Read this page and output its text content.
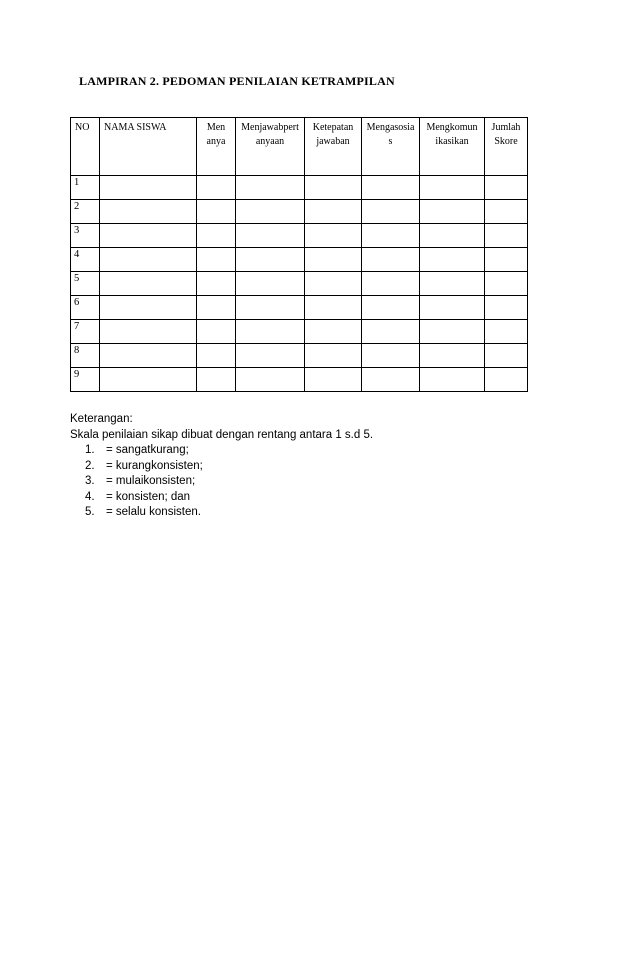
LAMPIRAN 2. PEDOMAN PENILAIAN KETRAMPILAN
NO	NAMA SISWA	Menanya	Menjawabpertanyaan	Ketepatan jawaban	Mengasosias	Mengkomunikasikan	Jumlah Skore

1							
2							
3							
4							
5							
6							
7							
8							
9							
Keterangan:
Skala penilaian sikap dibuat dengan rentang antara 1 s.d 5.
1. = sangatkurang;
2. = kurangkonsisten;
3. = mulaikonsisten;
4. = konsisten; dan
5. = selalu konsisten.
